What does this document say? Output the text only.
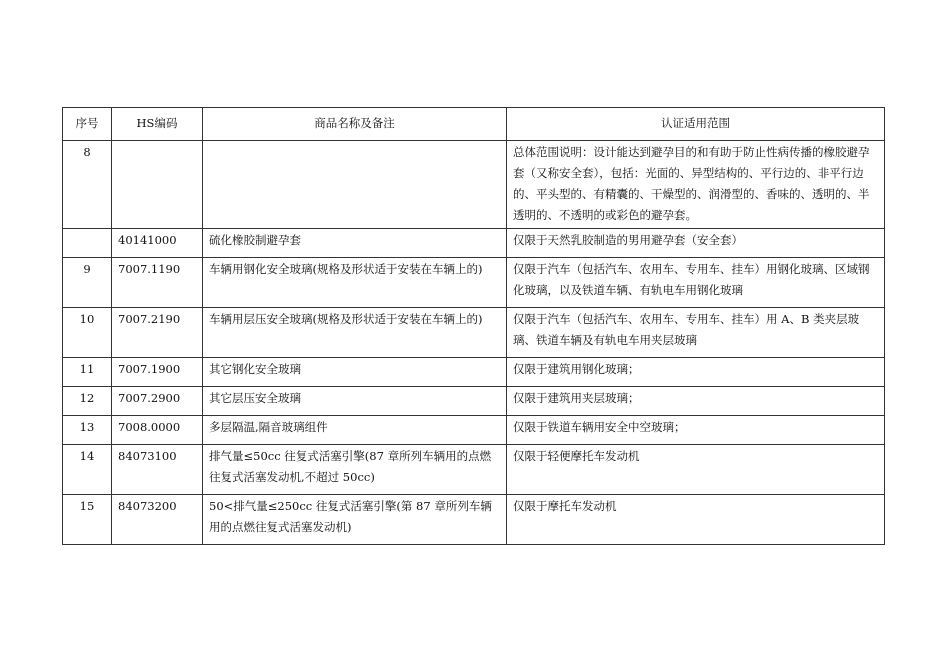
序号	HS编码	商品名称及备注	认证适用范围
8			总体范围说明：设计能达到避孕目的和有助于防止性病传播的橡胶避孕套（又称安全套），包括：光面的、异型结构的、平行边的、非平行边的、平头型的、有精囊的、干燥型的、润滑型的、香味的、透明的、半透明的、不透明的或彩色的避孕套。
	40141000	硫化橡胶制避孕套	仅限于天然乳胶制造的男用避孕套（安全套）
9	7007.1190	车辆用钢化安全玻璃(规格及形状适于安装在车辆上的)	仅限于汽车（包括汽车、农用车、专用车、挂车）用钢化玻璃、区域钢化玻璃，以及铁道车辆、有轨电车用钢化玻璃
10	7007.2190	车辆用层压安全玻璃(规格及形状适于安装在车辆上的)	仅限于汽车（包括汽车、农用车、专用车、挂车）用 A、B 类夹层玻璃、铁道车辆及有轨电车用夹层玻璃
11	7007.1900	其它钢化安全玻璃	仅限于建筑用钢化玻璃；
12	7007.2900	其它层压安全玻璃	仅限于建筑用夹层玻璃；
13	7008.0000	多层隔温,隔音玻璃组件	仅限于铁道车辆用安全中空玻璃；
14	84073100	排气量≤50cc 往复式活塞引擎(87 章所列车辆用的点燃往复式活塞发动机,不超过 50cc)	仅限于轻便摩托车发动机
15	84073200	50<排气量≤250cc 往复式活塞引擎(第 87 章所列车辆用的点燃往复式活塞发动机)	仅限于摩托车发动机
